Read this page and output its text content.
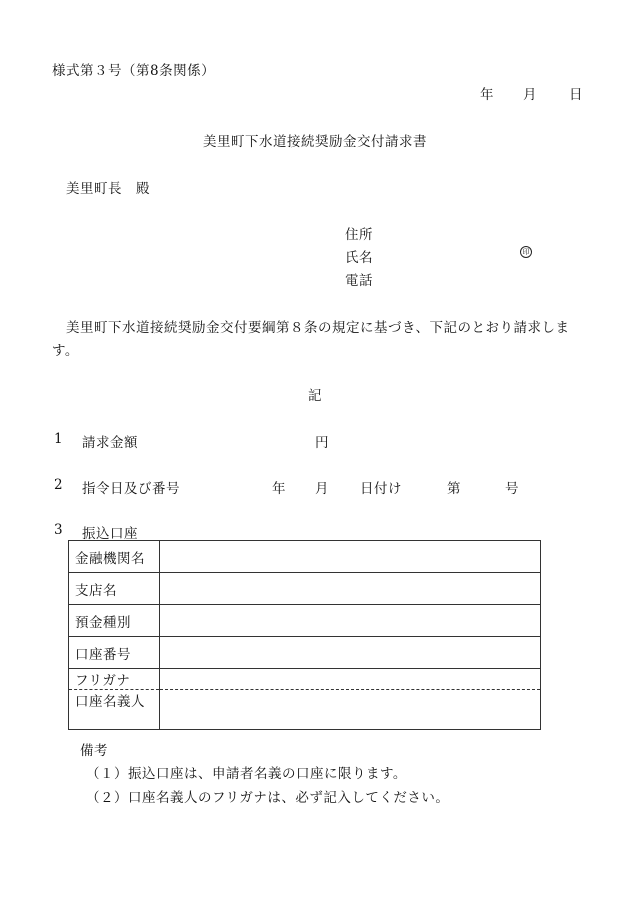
様式第３号（第8条関係）
年 月 日
美里町下水道接続奨励金交付請求書
美里町長　殿
住所
氏名	印
電話
美里町下水道接続奨励金交付要綱第８条の規定に基づき、下記のとおり請求します。
記
1 請求金額	円
2 指令日及び番号	年 月 日付け	第	号
3 振込口座
金融機関名	
支店名	
預金種別	
口座番号	
フリガナ	
口座名義人	
備考
（１）振込口座は、申請者名義の口座に限ります。
（２）口座名義人のフリガナは、必ず記入してください。
